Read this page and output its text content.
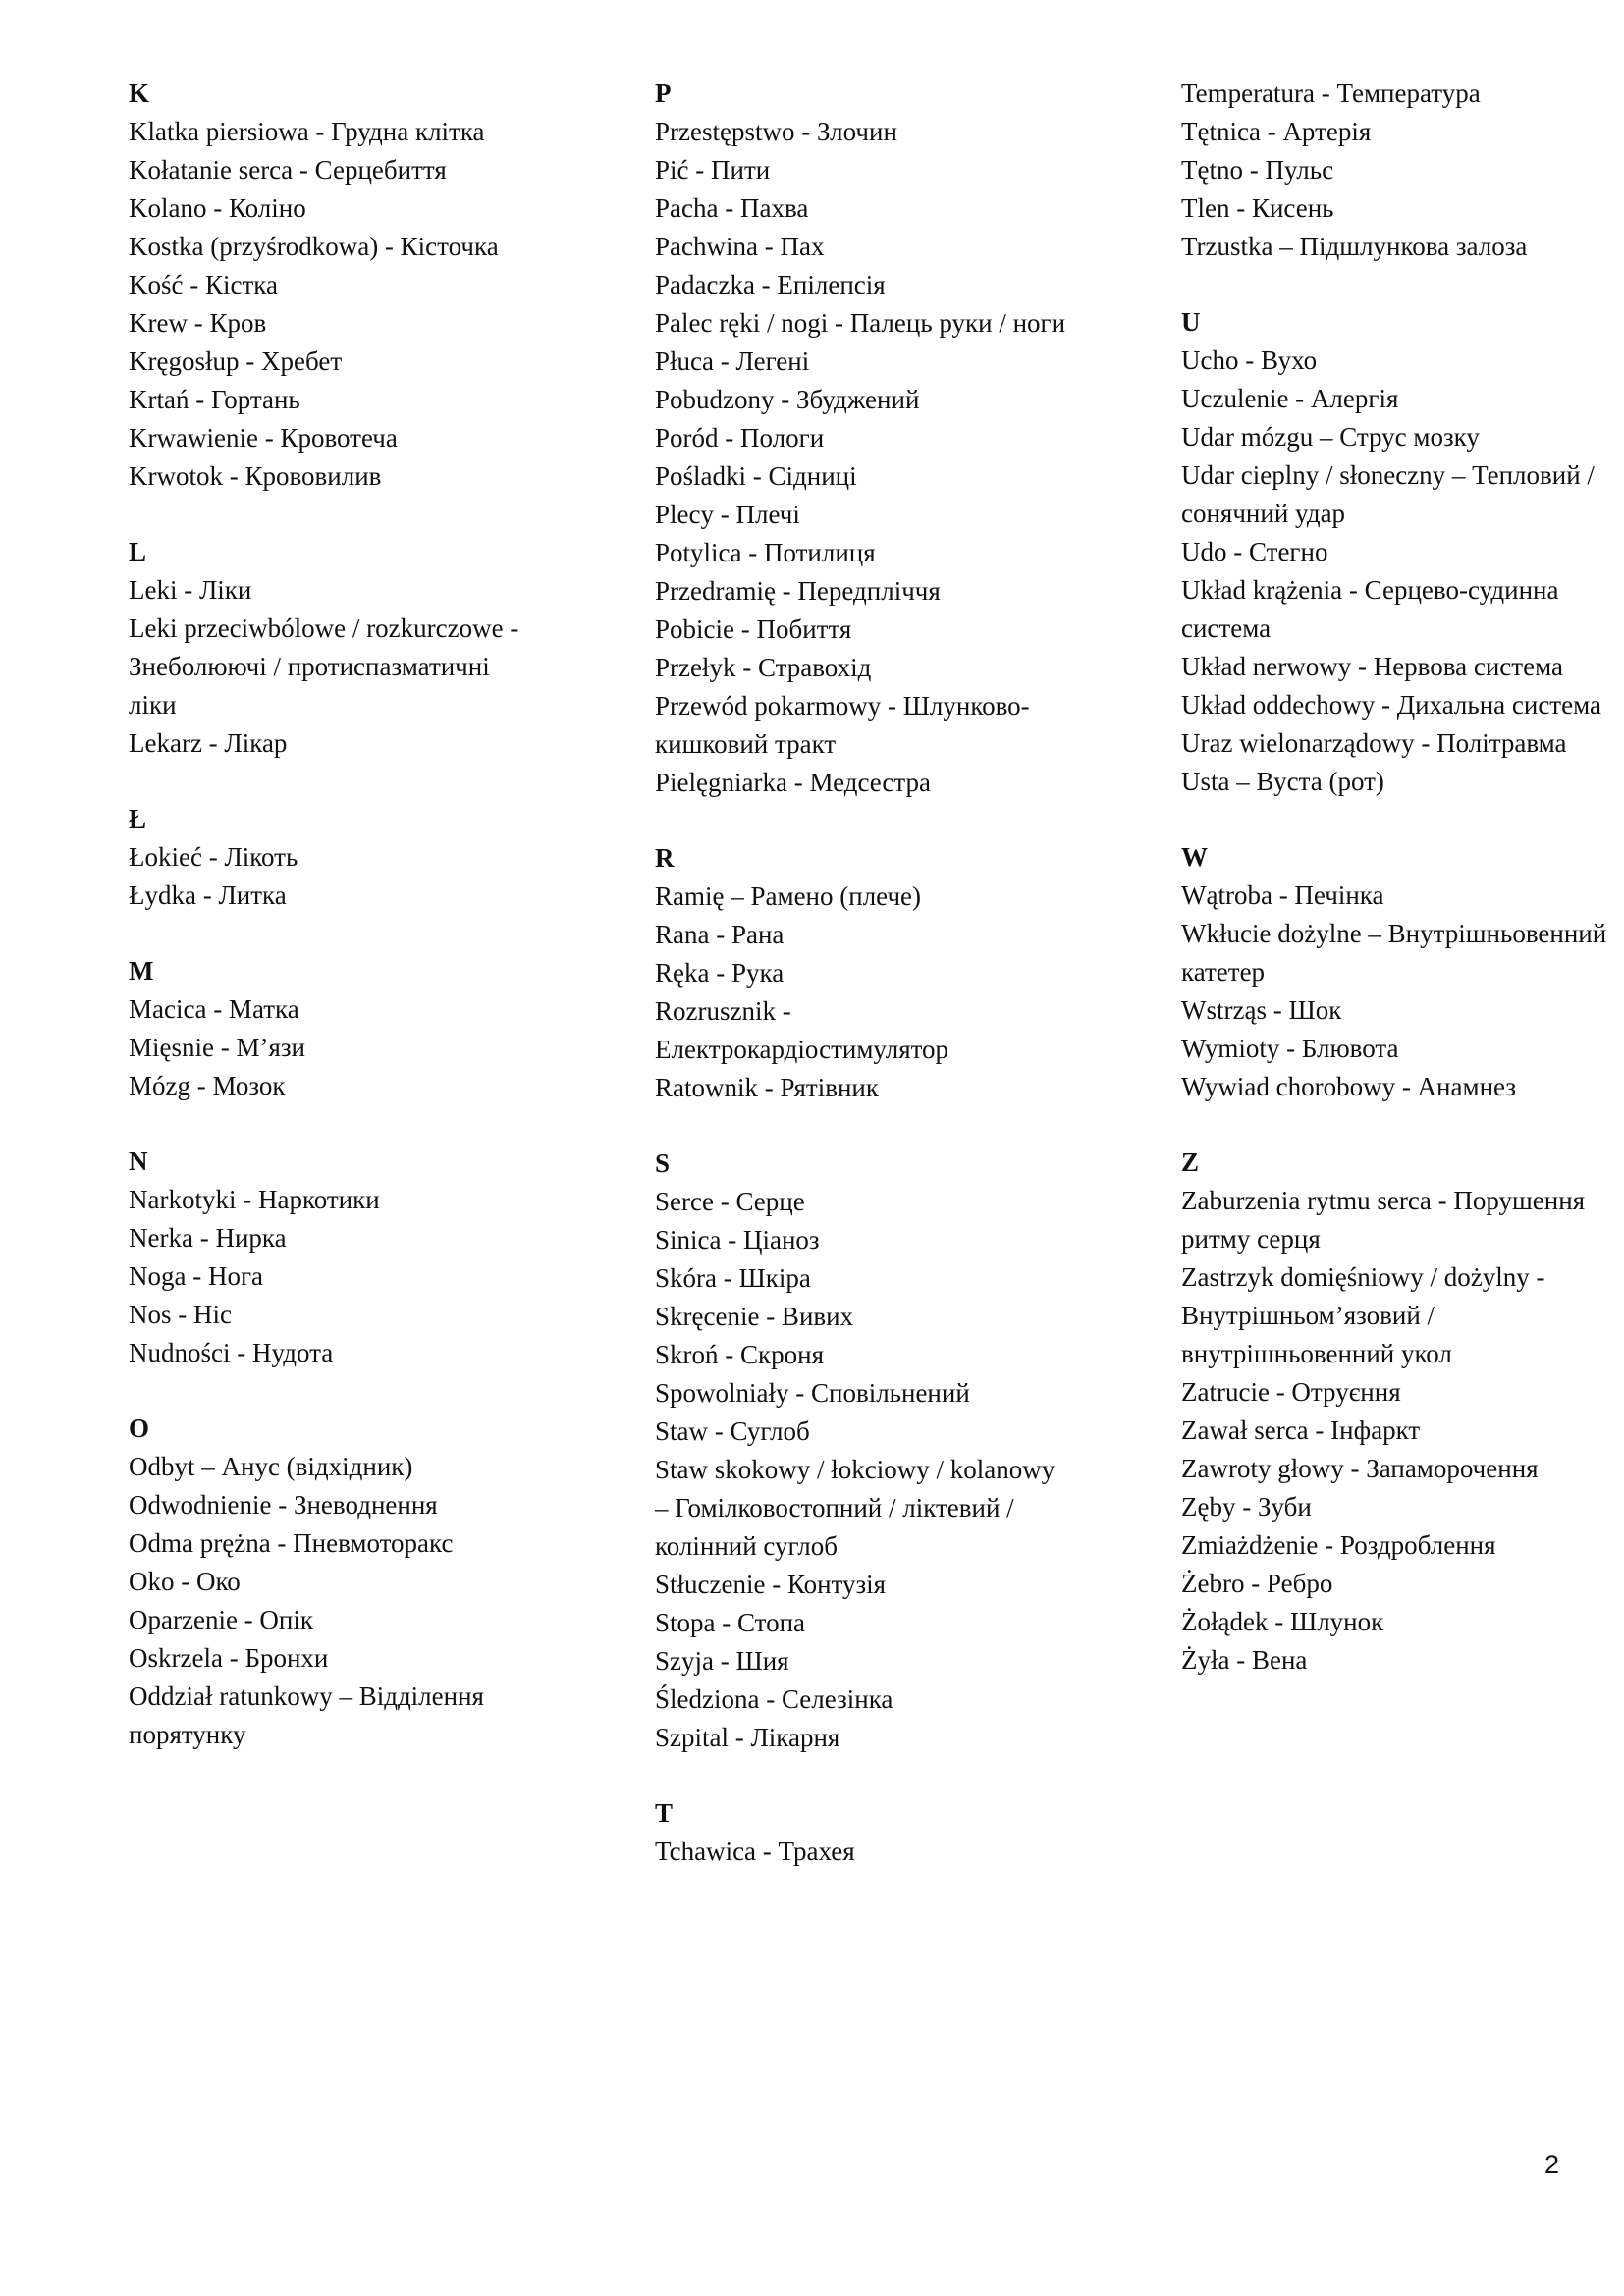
K
Klatka piersiowa - Грудна клітка
Kołatanie serca - Серцебиття
Kolano - Коліно
Kostka (przyśrodkowa) - Кісточка
Kość - Кістка
Krew - Кров
Kręgosłup - Хребет
Krtań - Гортань
Krwawienie - Кровотеча
Krwotok - Крововилив
L
Leki - Ліки
Leki przeciwbólowe / rozkurczowe - Знеболюючі / протиспазматичні ліки
Lekarz - Лікар
Ł
Łokieć - Лікоть
Łydka - Литка
M
Macica - Матка
Mięsnie - М’язи
Mózg - Мозок
N
Narkotyki - Наркотики
Nerka - Нирка
Noga - Нога
Nos - Ніс
Nudności - Нудота
O
Odbyt – Анус (відхідник)
Odwodnienie - Зневоднення
Odma prężna - Пневмоторакс
Oko - Око
Oparzenie - Опік
Oskrzela - Бронхи
Oddział ratunkowy – Відділення порятунку
P
Przestępstwo - Злочин
Pić - Пити
Pacha - Пахва
Pachwina - Пах
Padaczka - Епілепсія
Palec ręki / nogi - Палець руки / ноги
Płuca - Легені
Pobudzony - Збуджений
Poród - Пологи
Pośladki - Сідниці
Plecy - Плечі
Potylica - Потилиця
Przedramię - Передпліччя
Pobicie - Побиття
Przełyk - Стравохід
Przewód pokarmowy - Шлунково-кишковий тракт
Pielęgniarka - Медсестра
R
Ramię – Рамено (плече)
Rana - Рана
Ręka - Рука
Rozrusznik - Електрокардіостимулятор
Ratownik - Рятівник
S
Serce - Серце
Sinica - Ціаноз
Skóra - Шкіра
Skręcenie - Вивих
Skroń - Скроня
Spowolniały - Сповільнений
Staw - Суглоб
Staw skokowy / łokciowy / kolanowy – Гомілковостопний / ліктевий / колінний суглоб
Stłuczenie - Контузія
Stopa - Стопа
Szyja - Шия
Śledziona - Селезінка
Szpital - Лікарня
T
Tchawica - Трахея
Temperatura - Температура
Tętnica - Артерія
Tętno - Пульс
Tlen - Кисень
Trzustka – Підшлункова залоза
U
Ucho - Вухо
Uczulenie - Алергія
Udar mózgu – Струс мозку
Udar cieplny / słoneczny – Тепловий / сонячний удар
Udo - Стегно
Układ krążenia - Серцево-судинна система
Układ nerwowy - Нервова система
Układ oddechowy - Дихальна система
Uraz wielonarządowy - Політравма
Usta – Вуста (рот)
W
Wątroba - Печінка
Wkłucie dożylne – Внутрішньовенний катетер
Wstrząs - Шок
Wymioty - Блювота
Wywiad chorobowy - Анамнез
Z
Zaburzenia rytmu serca - Порушення ритму серця
Zastrzyk domięśniowy / dożylny - Внутрішньом’язовий / внутрішньовенний укол
Zatrucie - Отруєння
Zawał serca - Інфаркт
Zawroty głowy - Запаморочення
Zęby - Зуби
Zmiażdżenie - Роздроблення
Żebro - Ребро
Żołądek - Шлунок
Żyła - Вена
2
